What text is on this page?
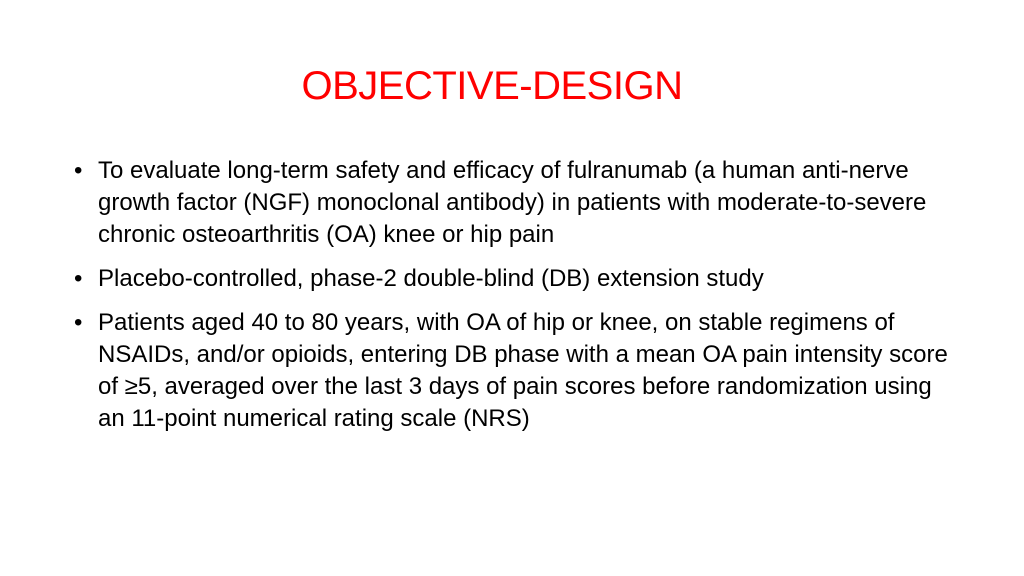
OBJECTIVE-DESIGN
• To evaluate long-term safety and efficacy of fulranumab (a human anti-nerve growth factor (NGF) monoclonal antibody) in patients with moderate-to-severe chronic osteoarthritis (OA) knee or hip pain
• Placebo-controlled, phase-2 double-blind (DB) extension study
• Patients aged 40 to 80 years, with OA of hip or knee, on stable regimens of NSAIDs, and/or opioids, entering DB phase with a mean OA pain intensity score of ≥5, averaged over the last 3 days of pain scores before randomization using an 11-point numerical rating scale (NRS)
